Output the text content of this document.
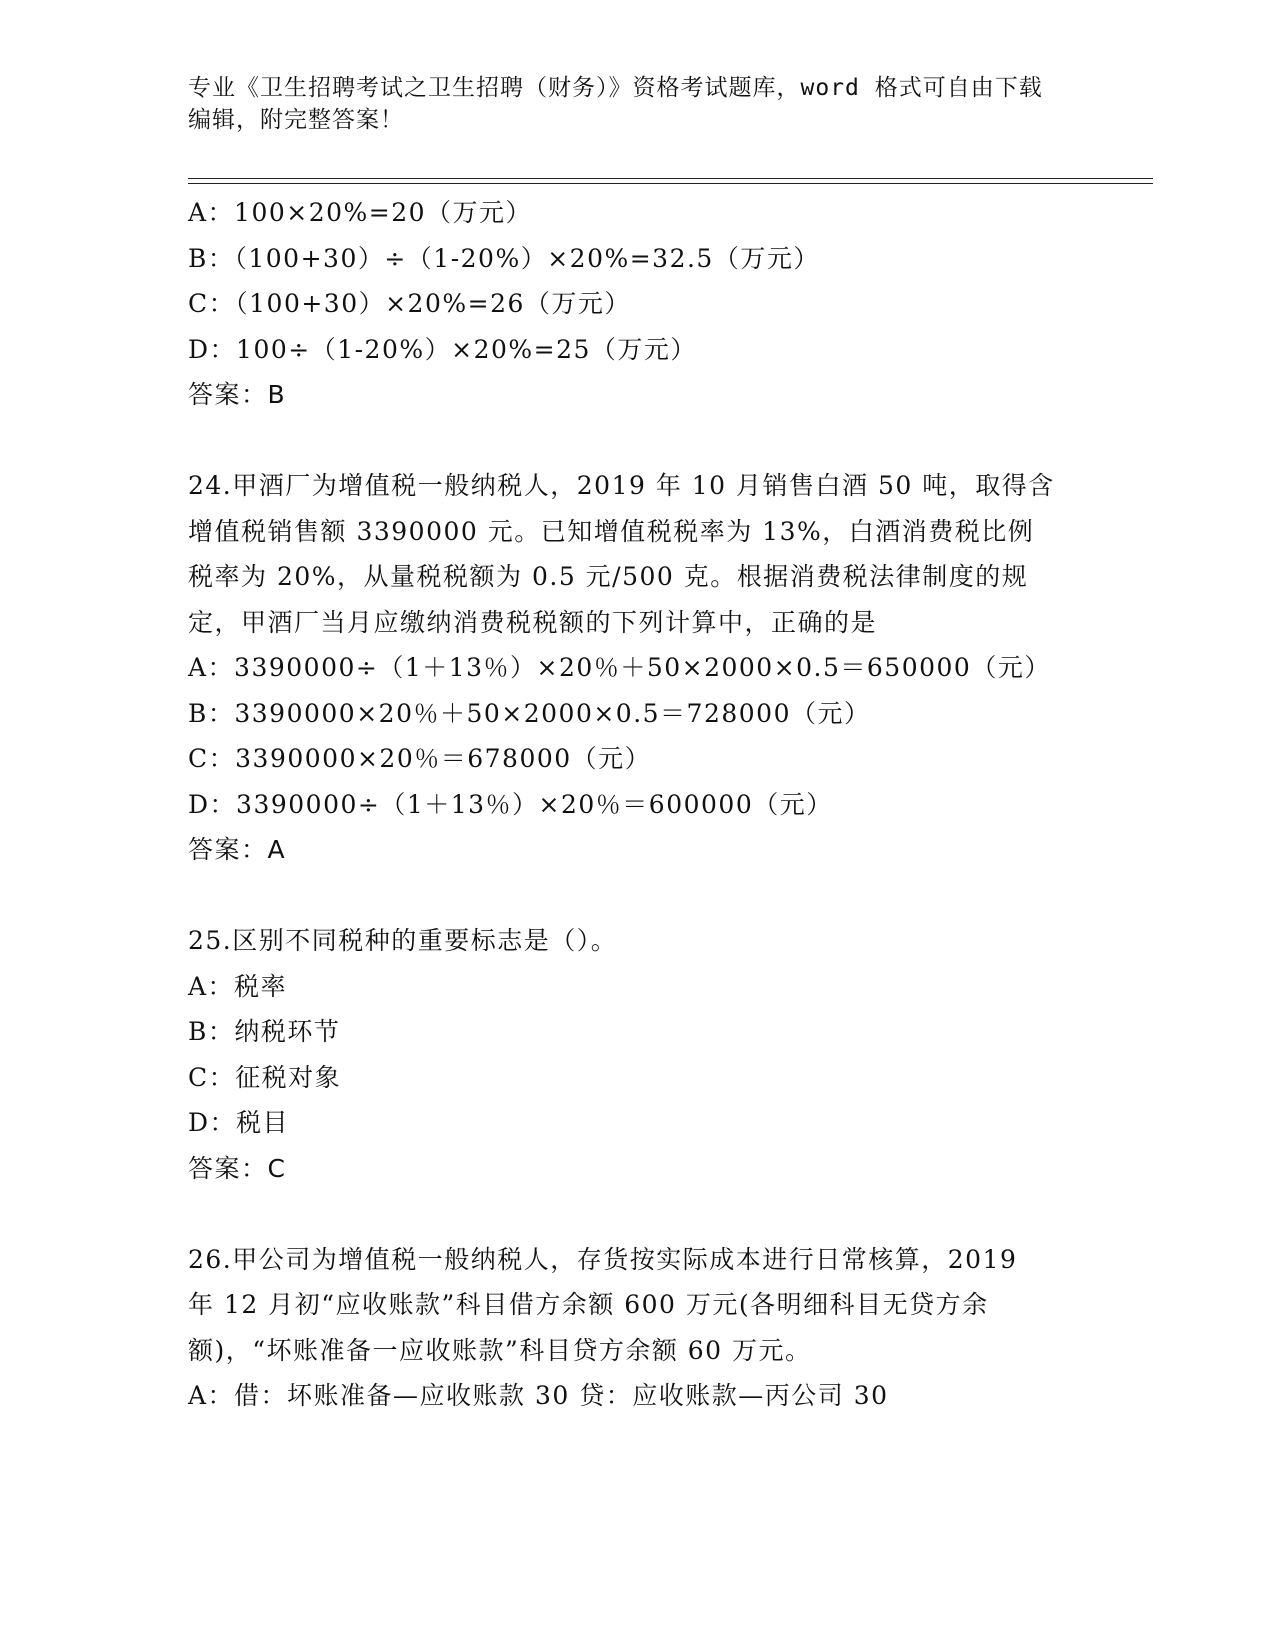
专业《卫生招聘考试之卫生招聘（财务）》资格考试题库，word 格式可自由下载
编辑，附完整答案！
A：100×20%=20（万元）
B：（100+30）÷（1-20%）×20%=32.5（万元）
C：（100+30）×20%=26（万元）
D：100÷（1-20%）×20%=25（万元）
答案：B
24.甲酒厂为增值税一般纳税人，2019 年 10 月销售白酒 50 吨，取得含
增值税销售额 3390000 元。已知增值税税率为 13%，白酒消费税比例
税率为 20%，从量税税额为 0.5 元/500 克。根据消费税法律制度的规
定，甲酒厂当月应缴纳消费税税额的下列计算中，正确的是
A：3390000÷（1＋13％）×20％＋50×2000×0.5＝650000（元）
B：3390000×20％＋50×2000×0.5＝728000（元）
C：3390000×20％＝678000（元）
D：3390000÷（1＋13％）×20％＝600000（元）
答案：A
25.区别不同税种的重要标志是（）。
A：税率
B：纳税环节
C：征税对象
D：税目
答案：C
26.甲公司为增值税一般纳税人，存货按实际成本进行日常核算，2019
年 12 月初“应收账款”科目借方余额 600 万元(各明细科目无贷方余
额)，“坏账准备一应收账款”科目贷方余额 60 万元。
A：借：坏账准备—应收账款 30 贷：应收账款—丙公司 30
